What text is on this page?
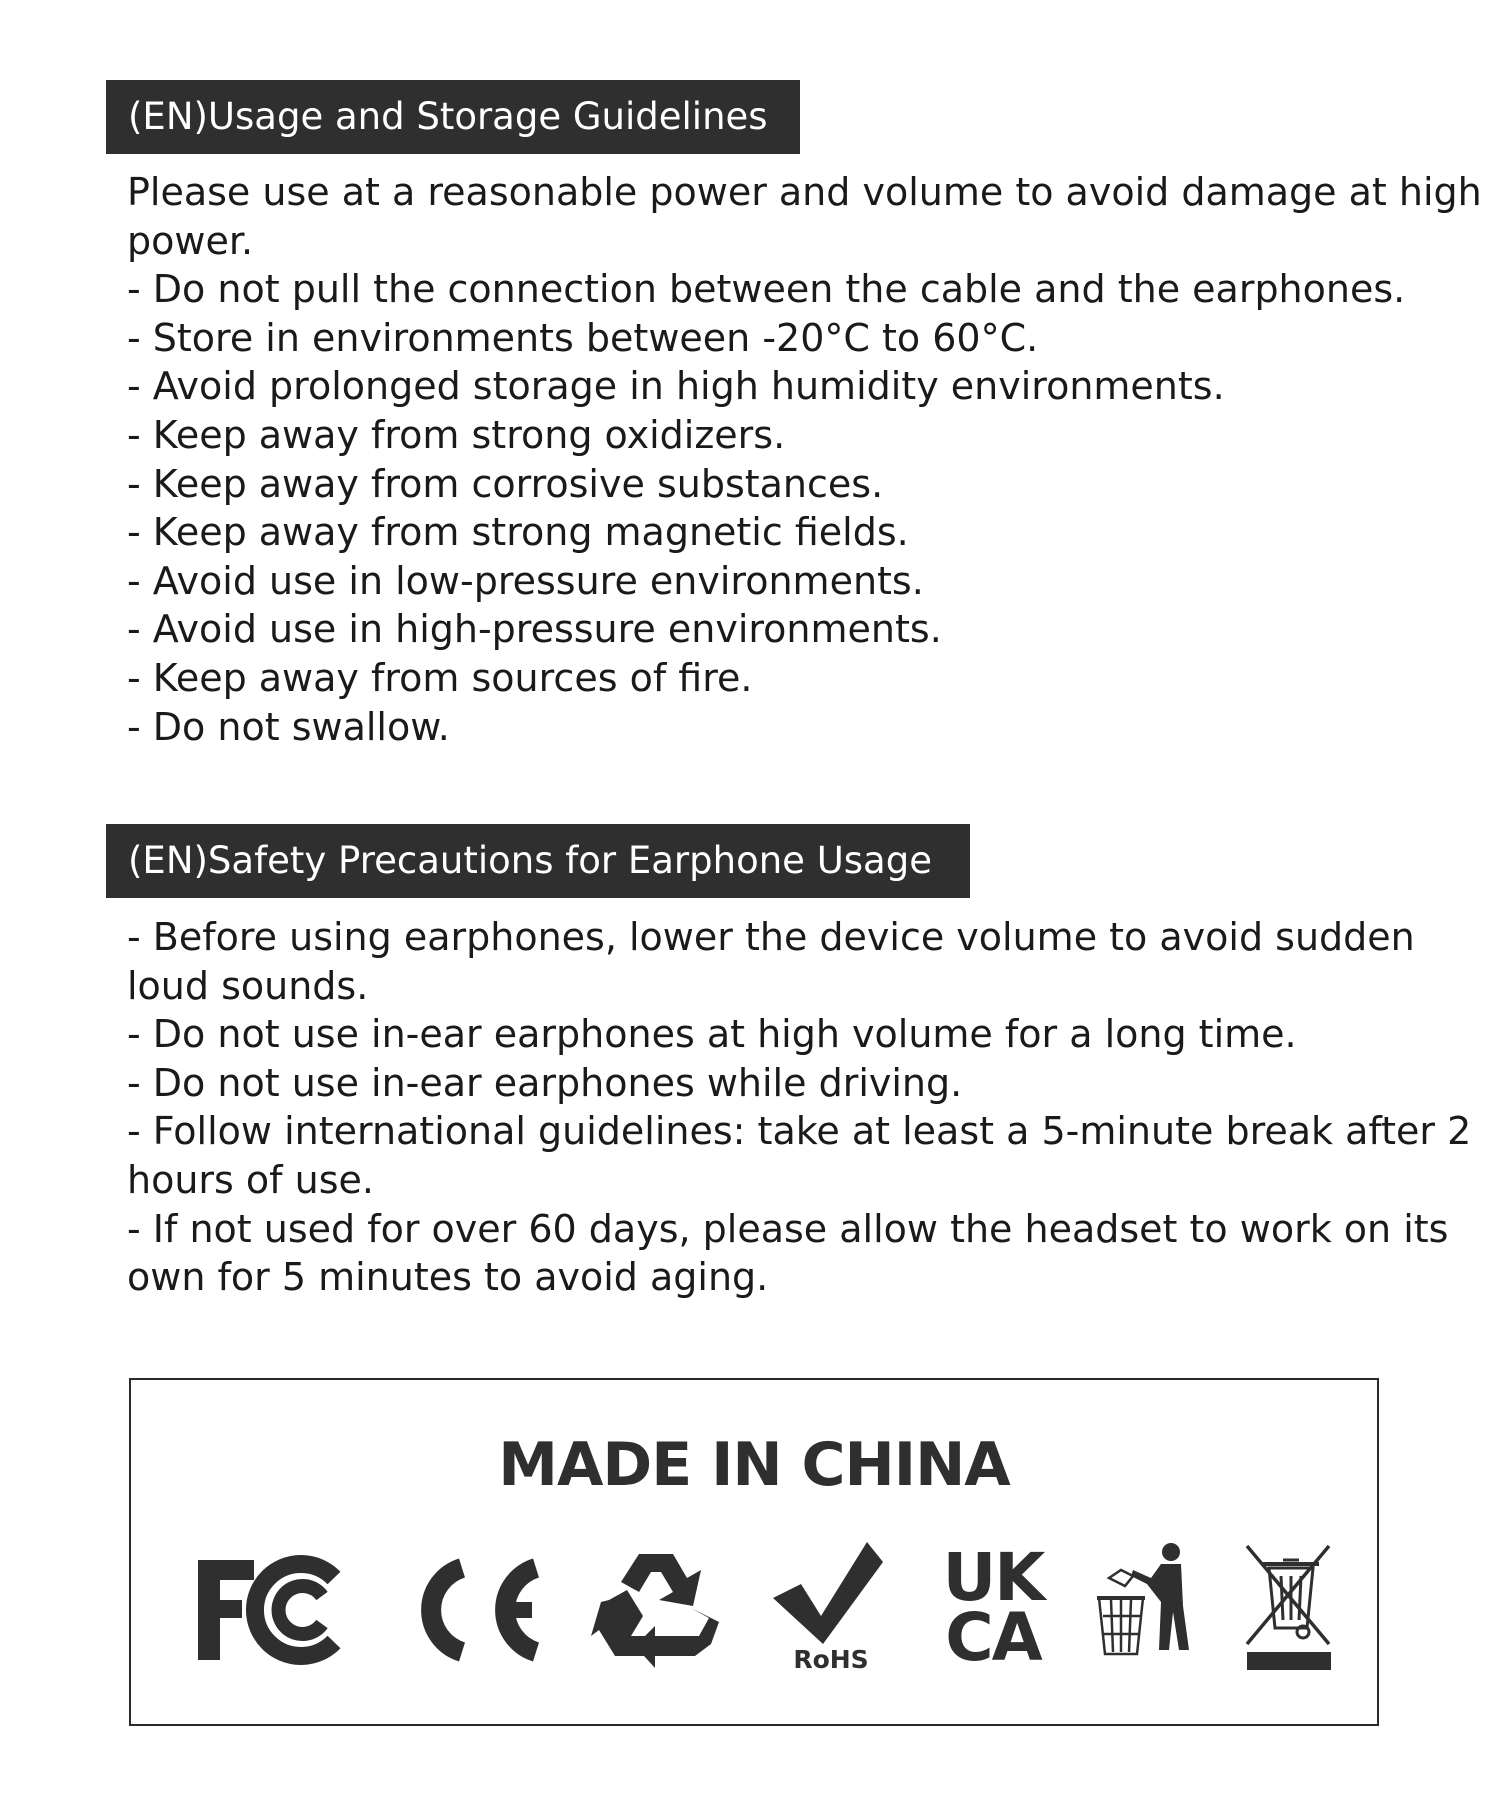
(EN)Usage and Storage Guidelines

Please use at a reasonable power and volume to avoid damage at high power.

- Do not pull the connection between the cable and the earphones.

- Store in environments between -20°C to 60°C.

- Avoid prolonged storage in high humidity environments.

- Keep away from strong oxidizers.

- Keep away from corrosive substances.

- Keep away from strong magnetic fields.

- Avoid use in low-pressure environments.

- Avoid use in high-pressure environments.

- Keep away from sources of fire.

- Do not swallow.

(EN)Safety Precautions for Earphone Usage

- Before using earphones, lower the device volume to avoid sudden loud sounds.

- Do not use in-ear earphones at high volume for a long time.

- Do not use in-ear earphones while driving.

- Follow international guidelines: take at least a 5-minute break after 2 hours of use.

- If not used for over 60 days, please allow the headset to work on its own for 5 minutes to avoid aging.

MADE IN CHINA
RoHS
UK
CA
